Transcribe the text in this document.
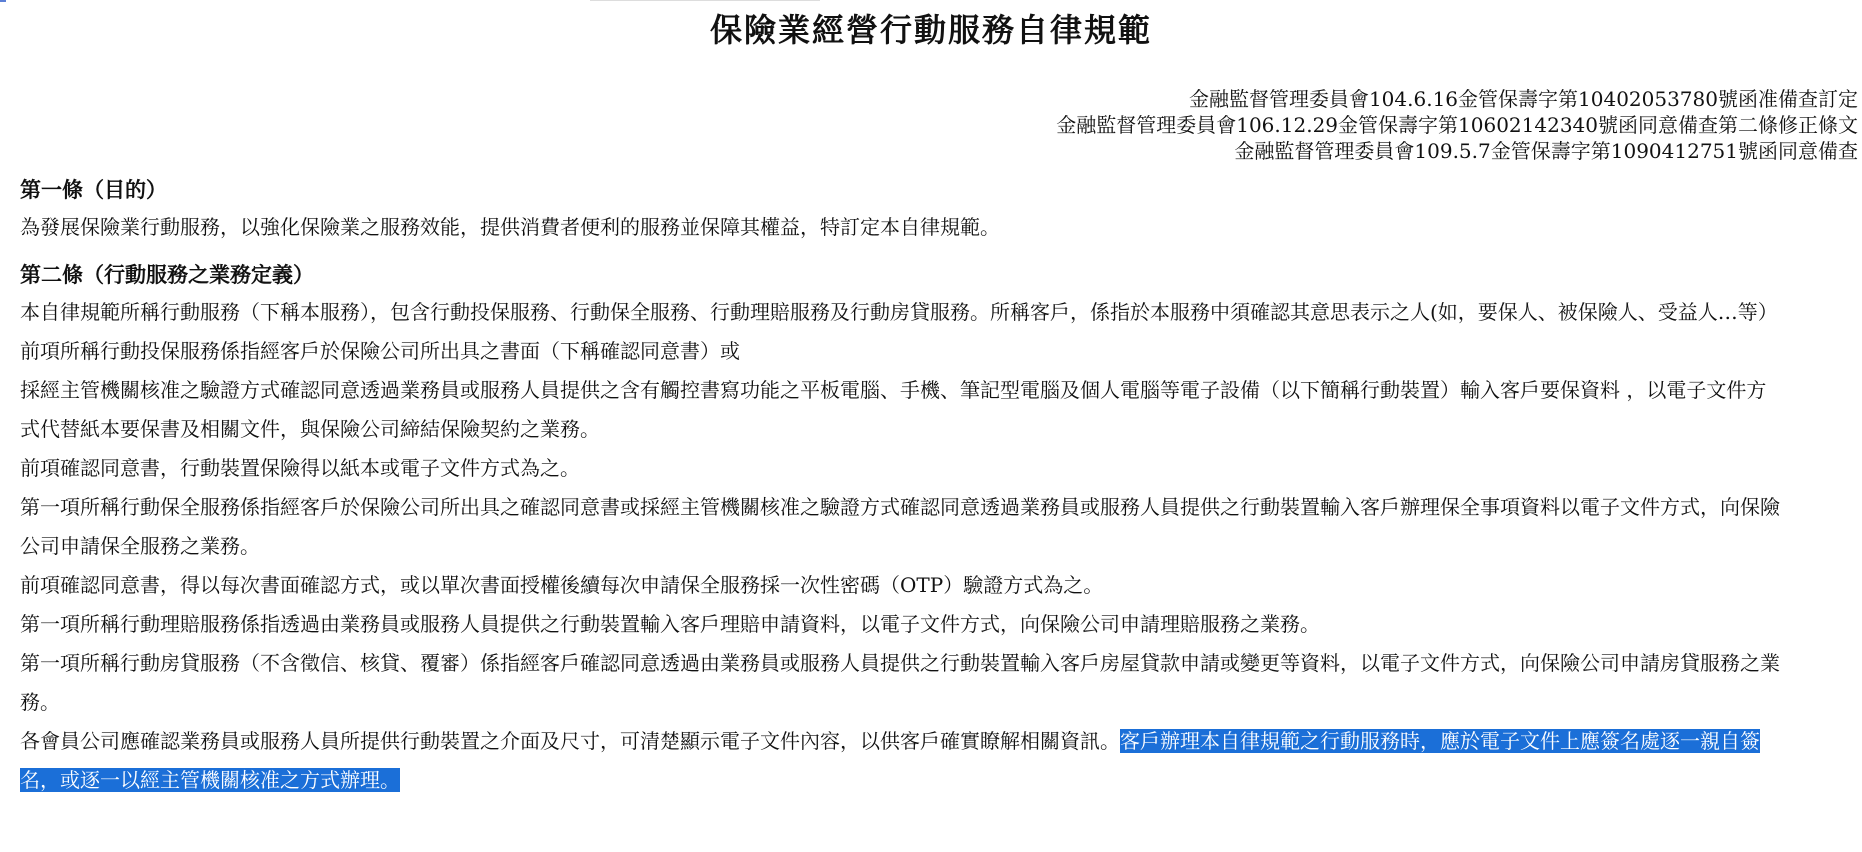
保險業經營行動服務自律規範
金融監督管理委員會104.6.16金管保壽字第10402053780號函准備查訂定
金融監督管理委員會106.12.29金管保壽字第10602142340號函同意備查第二條修正條文
金融監督管理委員會109.5.7金管保壽字第1090412751號函同意備查
第一條（目的）

為發展保險業行動服務，以強化保險業之服務效能，提供消費者便利的服務並保障其權益，特訂定本自律規範。

第二條（行動服務之業務定義）

本自律規範所稱行動服務（下稱本服務），包含行動投保服務、行動保全服務、行動理賠服務及行動房貸服務。所稱客戶，係指於本服務中須確認其意思表示之人(如，要保人、被保險人、受益人…等）

前項所稱行動投保服務係指經客戶於保險公司所出具之書面（下稱確認同意書）或

採經主管機關核准之驗證方式確認同意透過業務員或服務人員提供之含有觸控書寫功能之平板電腦、手機、筆記型電腦及個人電腦等電子設備（以下簡稱行動裝置）輸入客戶要保資料 ，以電子文件方式代替紙本要保書及相關文件，與保險公司締結保險契約之業務。

前項確認同意書，行動裝置保險得以紙本或電子文件方式為之。

第一項所稱行動保全服務係指經客戶於保險公司所出具之確認同意書或採經主管機關核准之驗證方式確認同意透過業務員或服務人員提供之行動裝置輸入客戶辦理保全事項資料以電子文件方式，向保險公司申請保全服務之業務。

前項確認同意書，得以每次書面確認方式，或以單次書面授權後續每次申請保全服務採一次性密碼（OTP）驗證方式為之。

第一項所稱行動理賠服務係指透過由業務員或服務人員提供之行動裝置輸入客戶理賠申請資料，以電子文件方式，向保險公司申請理賠服務之業務。

第一項所稱行動房貸服務（不含徵信、核貸、覆審）係指經客戶確認同意透過由業務員或服務人員提供之行動裝置輸入客戶房屋貸款申請或變更等資料，以電子文件方式，向保險公司申請房貸服務之業務。

各會員公司應確認業務員或服務人員所提供行動裝置之介面及尺寸，可清楚顯示電子文件內容，以供客戶確實瞭解相關資訊。客戶辦理本自律規範之行動服務時，應於電子文件上應簽名處逐一親自簽名，或逐一以經主管機關核准之方式辦理。
